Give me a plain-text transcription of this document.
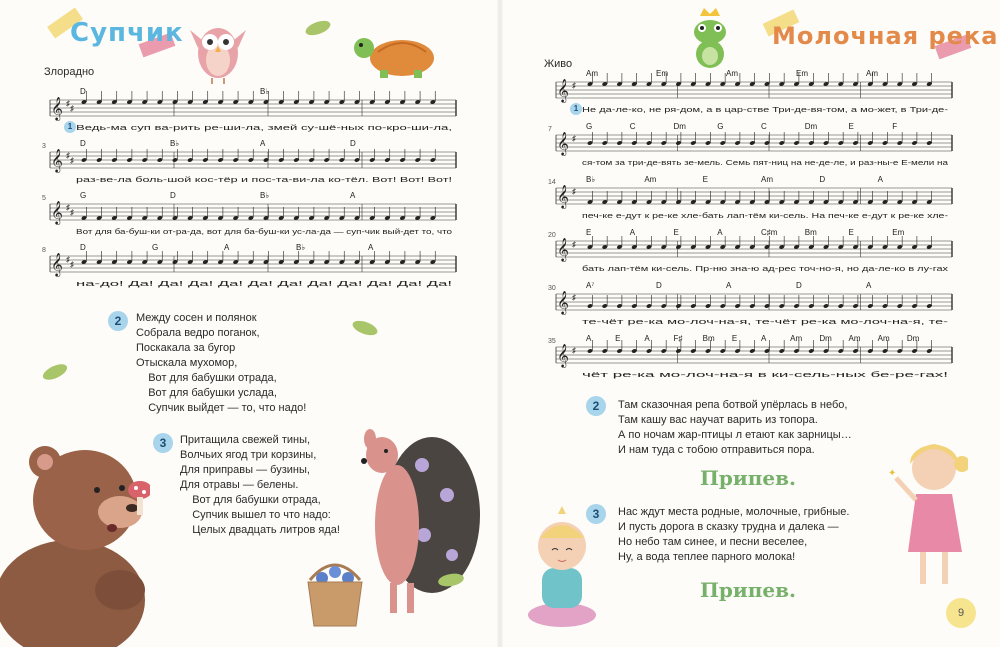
Супчик
Злорадно
𝄞 ♯
♯
D	B♭
Ведь-ма суп ва-рить ре-ши-ла, змей су-шё-ных по-кро-ши-ла,
𝄞 ♯
♯
3	D	B♭	A	D
раз-ве-ла боль-шой кос-тёр и пос-та-ви-ла ко-тёл. Вот! Вот! Вот!
𝄞 ♯
♯
5	G	D	B♭	A
Вот для ба-буш-ки от-ра-да, вот для ба-буш-ки ус-ла-да — суп-чик вый-дет то, что
𝄞 ♯
♯
8	D	G	A	B♭	A
на-до! Да! Да! Да! Да! Да! Да! Да! Да! Да! Да! Да!
1
2	Между сосен и полянок
Собрала ведро поганок,
Поскакала за бугор
Отыскала мухомор,
Вот для бабушки отрада,
Вот для бабушки услада,
Супчик выйдет — то, что надо!
3	Притащила свежей тины,
Волчьих ягод три корзины,
Для приправы — бузины,
Для отравы — белены.
Вот для бабушки отрада,
Супчик вышел то что надо:
Целых двадцать литров яда!
Молочная река
Живо
𝄞 ♯
Am	Em	Am	Em	Am
Не да-ле-ко, не ря-дом, а в цар-стве Три-де-вя-том, а мо-жет, в Три-де-
𝄞 ♯
7	G	C	Dm	G	C	Dm	E	F
ся-том за три-де-вять зе-мель. Семь пят-ниц на не-де-ле, и раз-ны-е Е-мели на
𝄞 ♯
14	B♭	Am	E	Am	D	A
печ-ке е-дут к ре-ке хле-бать лап-тём ки-сель. На печ-ке е-дут к ре-ке хле-
𝄞 ♯
20	E	A	E	A	C♯m	Bm	E	Em
бать лап-тём ки-сель. Пр-ню зна-ю ад-рес точ-но-я, но да-ле-ко в лу-гах
𝄞 ♯
30	A⁷	D	A	D	A
те-чёт ре-ка мо-лоч-на-я, те-чёт ре-ка мо-лоч-на-я, те-
𝄞 ♯
35	A	E	A	F♯	Bm E	A	Am Dm Am Am Dm
чёт ре-ка мо-лоч-на-я в ки-сель-ных бе-ре-гах!
1
2	Там сказочная репа ботвой упёрлась в небо,
Там кашу вас научат варить из топора.
А по ночам жар-птицы л етают как зарницы…
И нам туда с тобою отправиться пора.
Припев.
3	Нас ждут места родные, молочные, грибные.
И пусть дорога в сказку трудна и далека —
Но небо там синее, и песни веселее,
Ну, а вода теплее парного молока!
Припев.
✦
9
